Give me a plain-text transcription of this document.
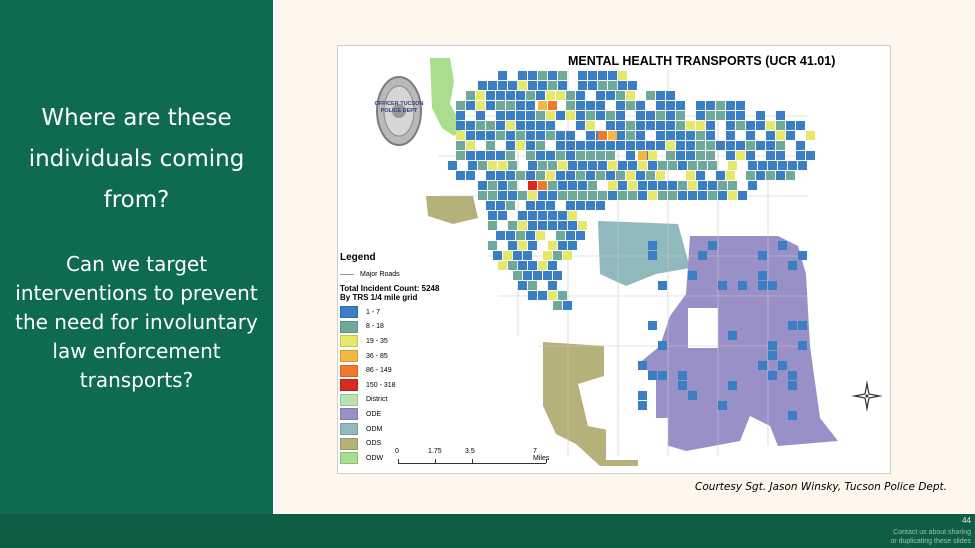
Where are these individuals coming from?
Can we target interventions to prevent the need for involuntary law enforcement transports?
OFFICER TUCSON POLICE DEPT
MENTAL HEALTH TRANSPORTS (UCR 41.01)
Legend
Major Roads
Total Incident Count: 5248
By TRS 1/4 mile grid
1 - 7
8 - 18
19 - 35
36 - 85
86 - 149
150 - 318
District
ODE
ODM
ODS
ODW
0	1.75	3.5	7 Miles
Courtesy Sgt. Jason Winsky, Tucson Police Dept.
44
Contact us about sharing
or duplicating these slides
